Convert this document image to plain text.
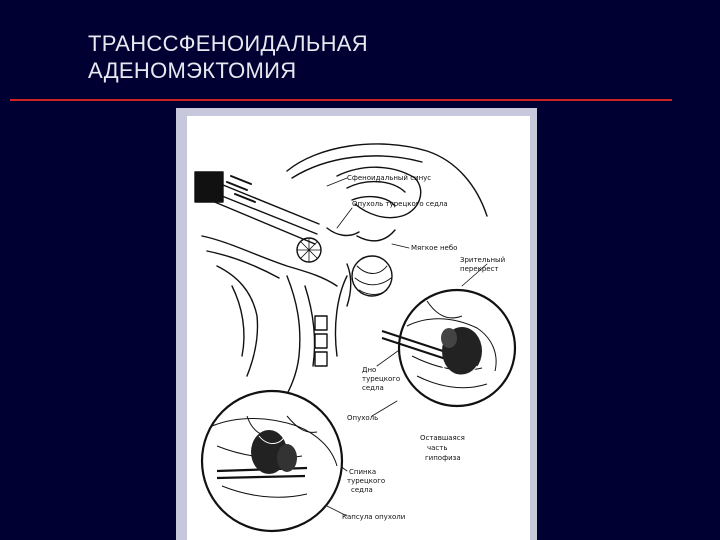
ТРАНССФЕНОИДАЛЬНАЯ
АДЕНОМЭКТОМИЯ
Сфеноидальный синус
Опухоль турецкого седла
Мягкое небо
Зрительный
перекрест
Дно
турецкого
седла
Опухоль
Оставшаяся
часть
гипофиза
Спинка
турецкого
седла
Капсула опухоли
